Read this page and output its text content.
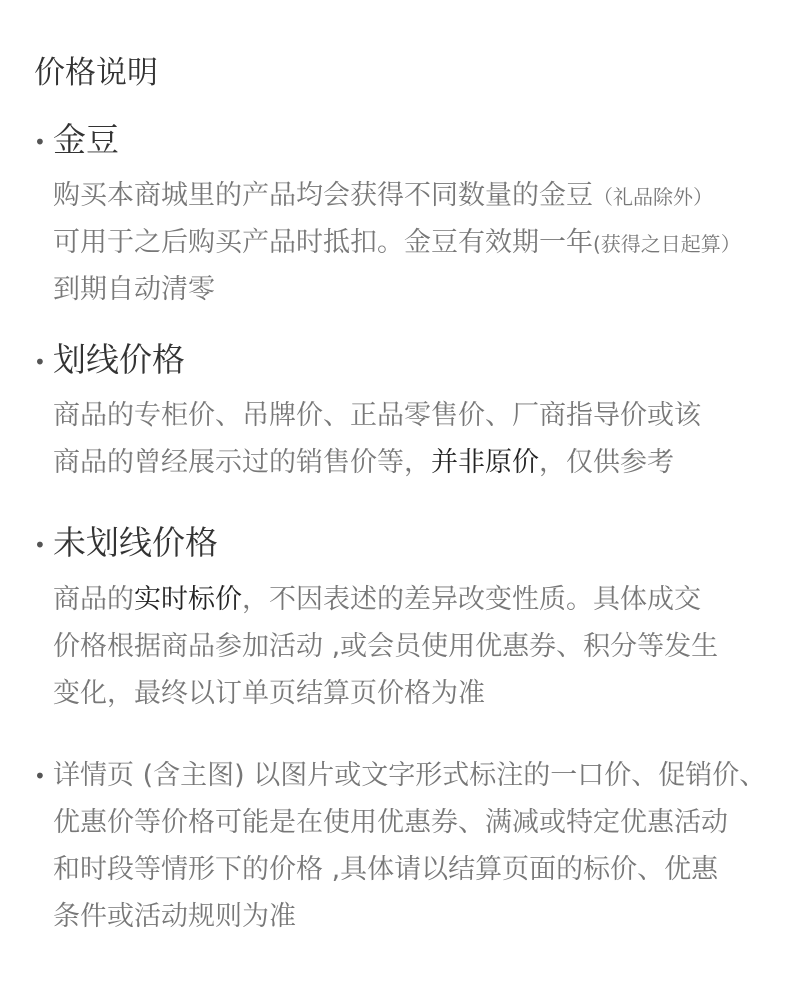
价格说明
• 金豆
购买本商城里的产品均会获得不同数量的金豆（礼品除外）
可用于之后购买产品时抵扣。金豆有效期一年(获得之日起算）
到期自动清零
• 划线价格
商品的专柜价、吊牌价、正品零售价、厂商指导价或该
商品的曾经展示过的销售价等，并非原价，仅供参考
• 未划线价格
商品的实时标价，不因表述的差异改变性质。具体成交
价格根据商品参加活动 ,或会员使用优惠券、积分等发生
变化，最终以订单页结算页价格为准
• 详情页 (含主图) 以图片或文字形式标注的一口价、促销价、
优惠价等价格可能是在使用优惠券、满减或特定优惠活动
和时段等情形下的价格 ,具体请以结算页面的标价、优惠
条件或活动规则为准
